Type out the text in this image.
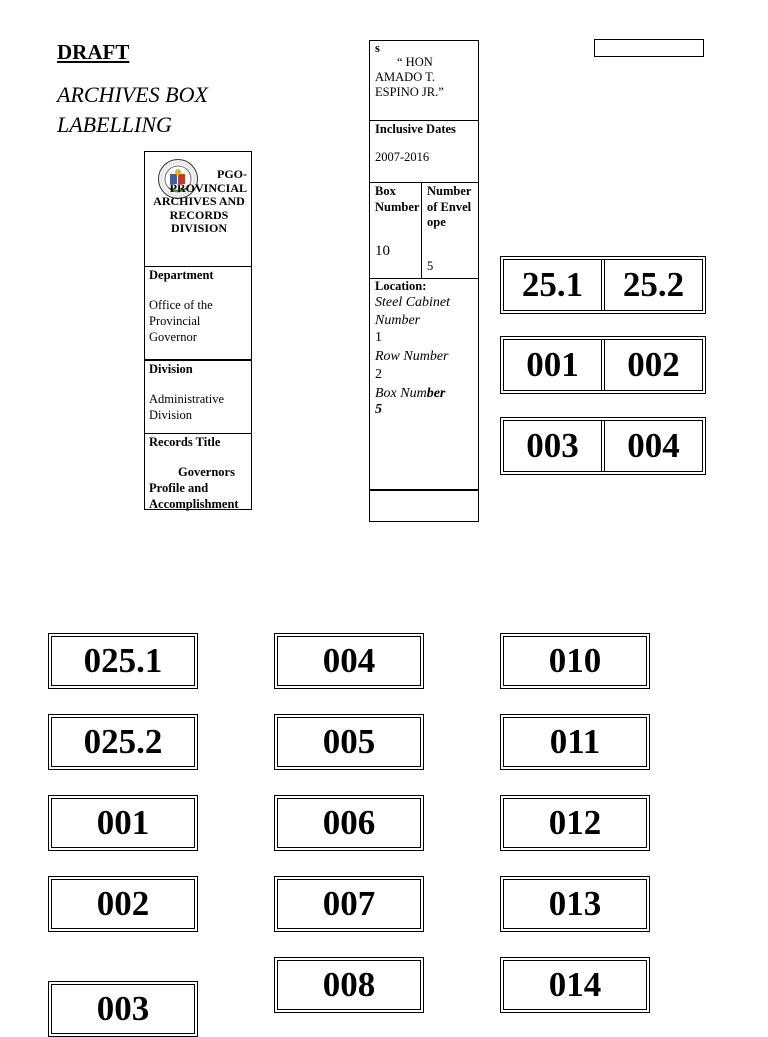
DRAFT
ARCHIVES BOX
LABELLING
PGO-
PROVINCIAL
ARCHIVES AND
RECORDS
DIVISION
Department
Office of the Provincial Governor
Division
Administrative Division
Records Title
Governors Profile and Accomplishment
s
“ HON AMADO T. ESPINO JR.”
Inclusive Dates
2007-2016
Box Number
10
Number of Envelope
5
Location:
Steel Cabinet Number
1
Row Number
2
Box Number
5
25.1	25.2
001	002
003	004
025.1
025.2
001
002
003
004
005
006
007
008
010
011
012
013
014
